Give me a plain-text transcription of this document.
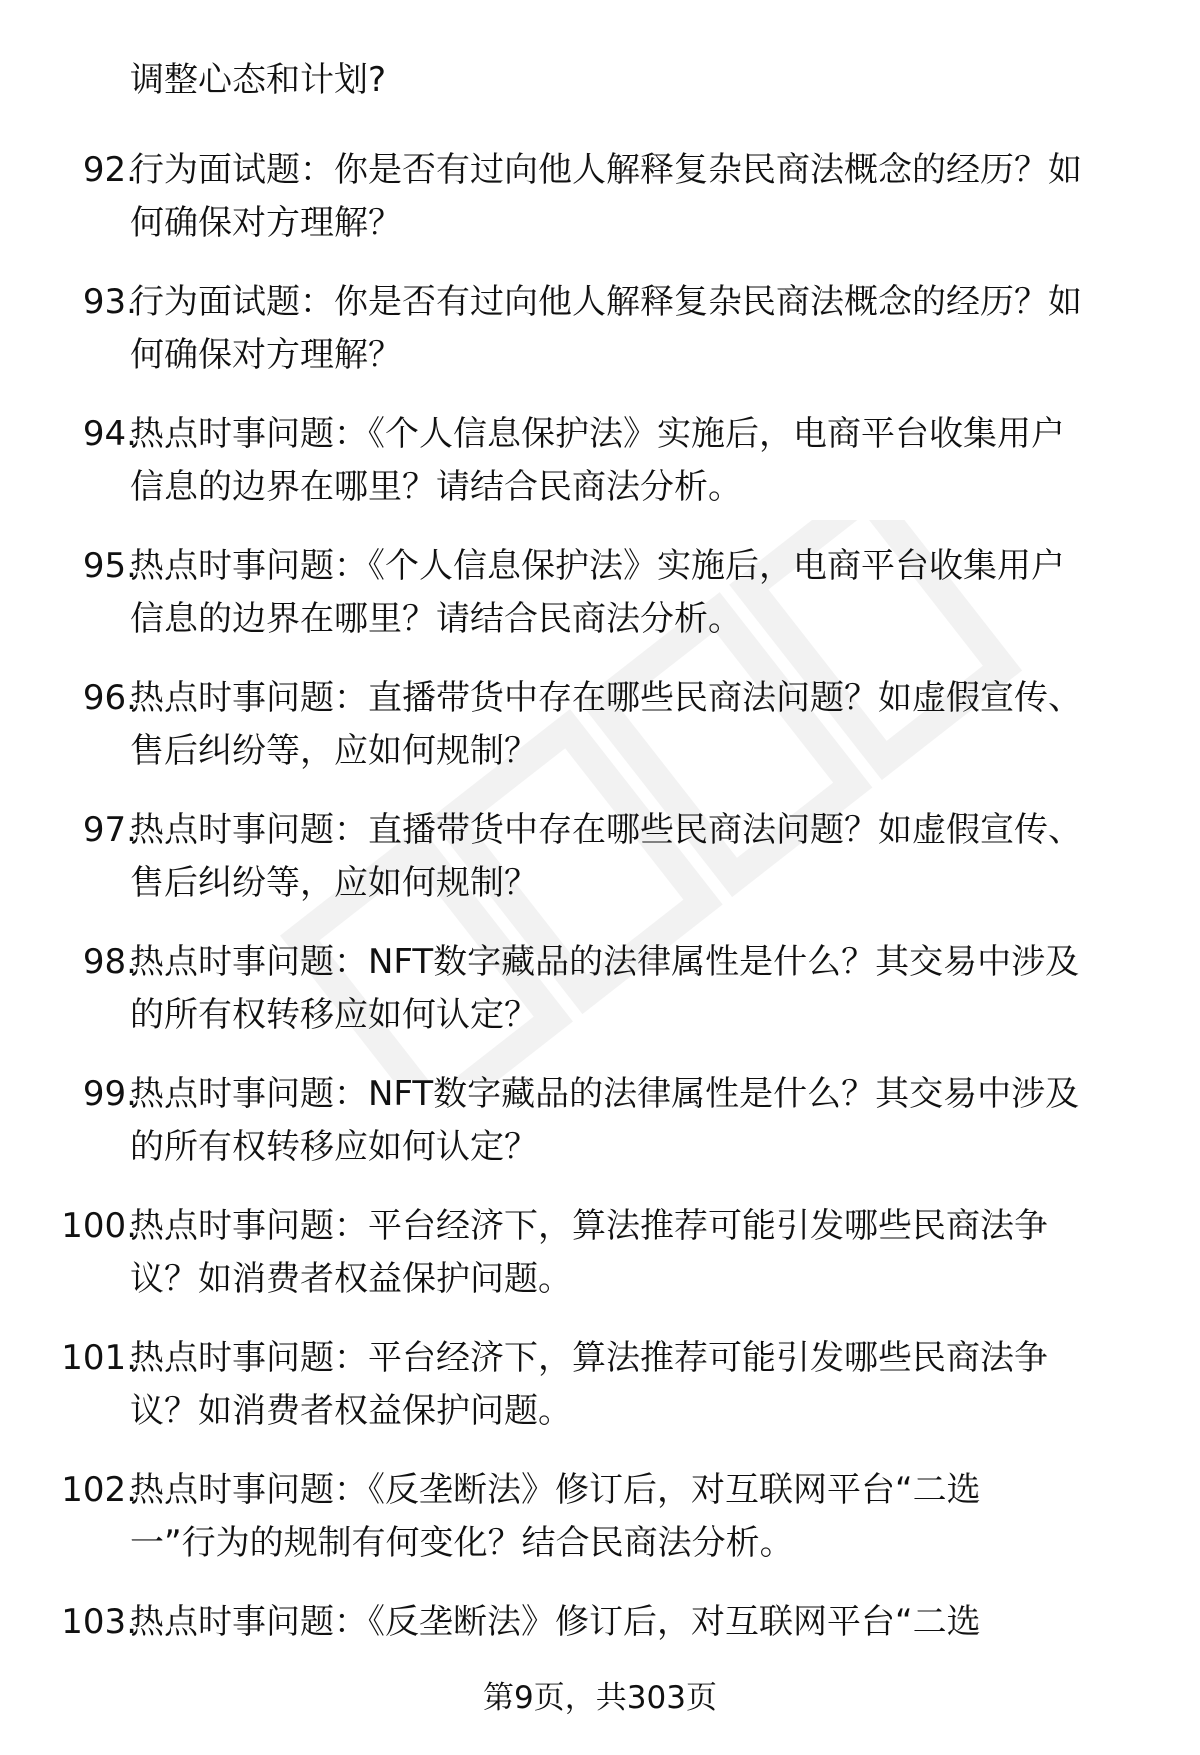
调整心态和计划?
92.
行为面试题：你是否有过向他人解释复杂民商法概念的经历？如
何确保对方理解？
93.
行为面试题：你是否有过向他人解释复杂民商法概念的经历？如
何确保对方理解？
94.
热点时事问题：《个人信息保护法》实施后，电商平台收集用户
信息的边界在哪里？请结合民商法分析。
95.
热点时事问题：《个人信息保护法》实施后，电商平台收集用户
信息的边界在哪里？请结合民商法分析。
96.
热点时事问题：直播带货中存在哪些民商法问题？如虚假宣传、
售后纠纷等，应如何规制？
97.
热点时事问题：直播带货中存在哪些民商法问题？如虚假宣传、
售后纠纷等，应如何规制？
98.
热点时事问题：NFT数字藏品的法律属性是什么？其交易中涉及
的所有权转移应如何认定？
99.
热点时事问题：NFT数字藏品的法律属性是什么？其交易中涉及
的所有权转移应如何认定？
100.
热点时事问题：平台经济下，算法推荐可能引发哪些民商法争
议？如消费者权益保护问题。
101.
热点时事问题：平台经济下，算法推荐可能引发哪些民商法争
议？如消费者权益保护问题。
102.
热点时事问题：《反垄断法》修订后，对互联网平台“二选
一”行为的规制有何变化？结合民商法分析。
103.
热点时事问题：《反垄断法》修订后，对互联网平台“二选
第9页，共303页
